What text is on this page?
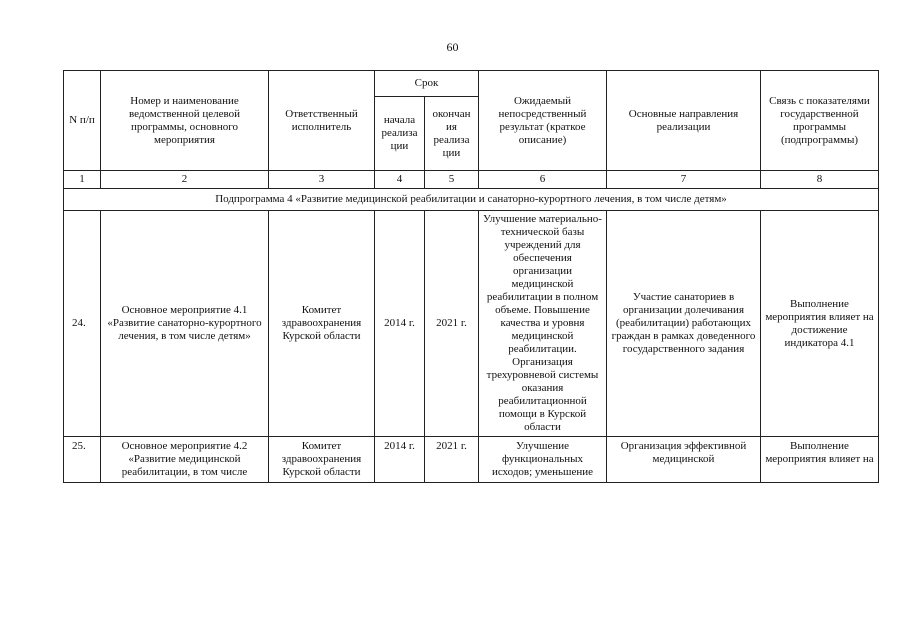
60
N п/п	Номер и наименование ведомственной целевой программы, основного мероприятия	Ответственный исполнитель	Срок		Ожидаемый непосредственный результат (краткое описание)	Основные направления реализации	Связь с показателями государственной программы (подпрограммы)
			начала реализа ции	окончан ия реализа ции			
1	2	3	4	5	6	7	8
Подпрограмма 4 «Развитие медицинской реабилитации и санаторно-курортного лечения, в том числе детям»							
24.	Основное мероприятие 4.1 «Развитие санаторно-курортного лечения, в том числе детям»	Комитет здравоохранения Курской области	2014 г.	2021 г.	Улучшение материально-технической базы учреждений для обеспечения организации медицинской реабилитации в полном объеме. Повышение качества и уровня медицинской реабилитации. Организация трехуровневой системы оказания реабилитационной помощи в Курской области	Участие санаториев в организации долечивания (реабилитации) работающих граждан в рамках доведенного государственного задания	Выполнение мероприятия влияет на достижение индикатора 4.1

25.	Основное мероприятие 4.2 «Развитие медицинской реабилитации, в том числе	Комитет здравоохранения Курской области	2014 г.	2021 г.	Улучшение функциональных исходов; уменьшение	Организация эффективной медицинской	Выполнение мероприятия влияет на
